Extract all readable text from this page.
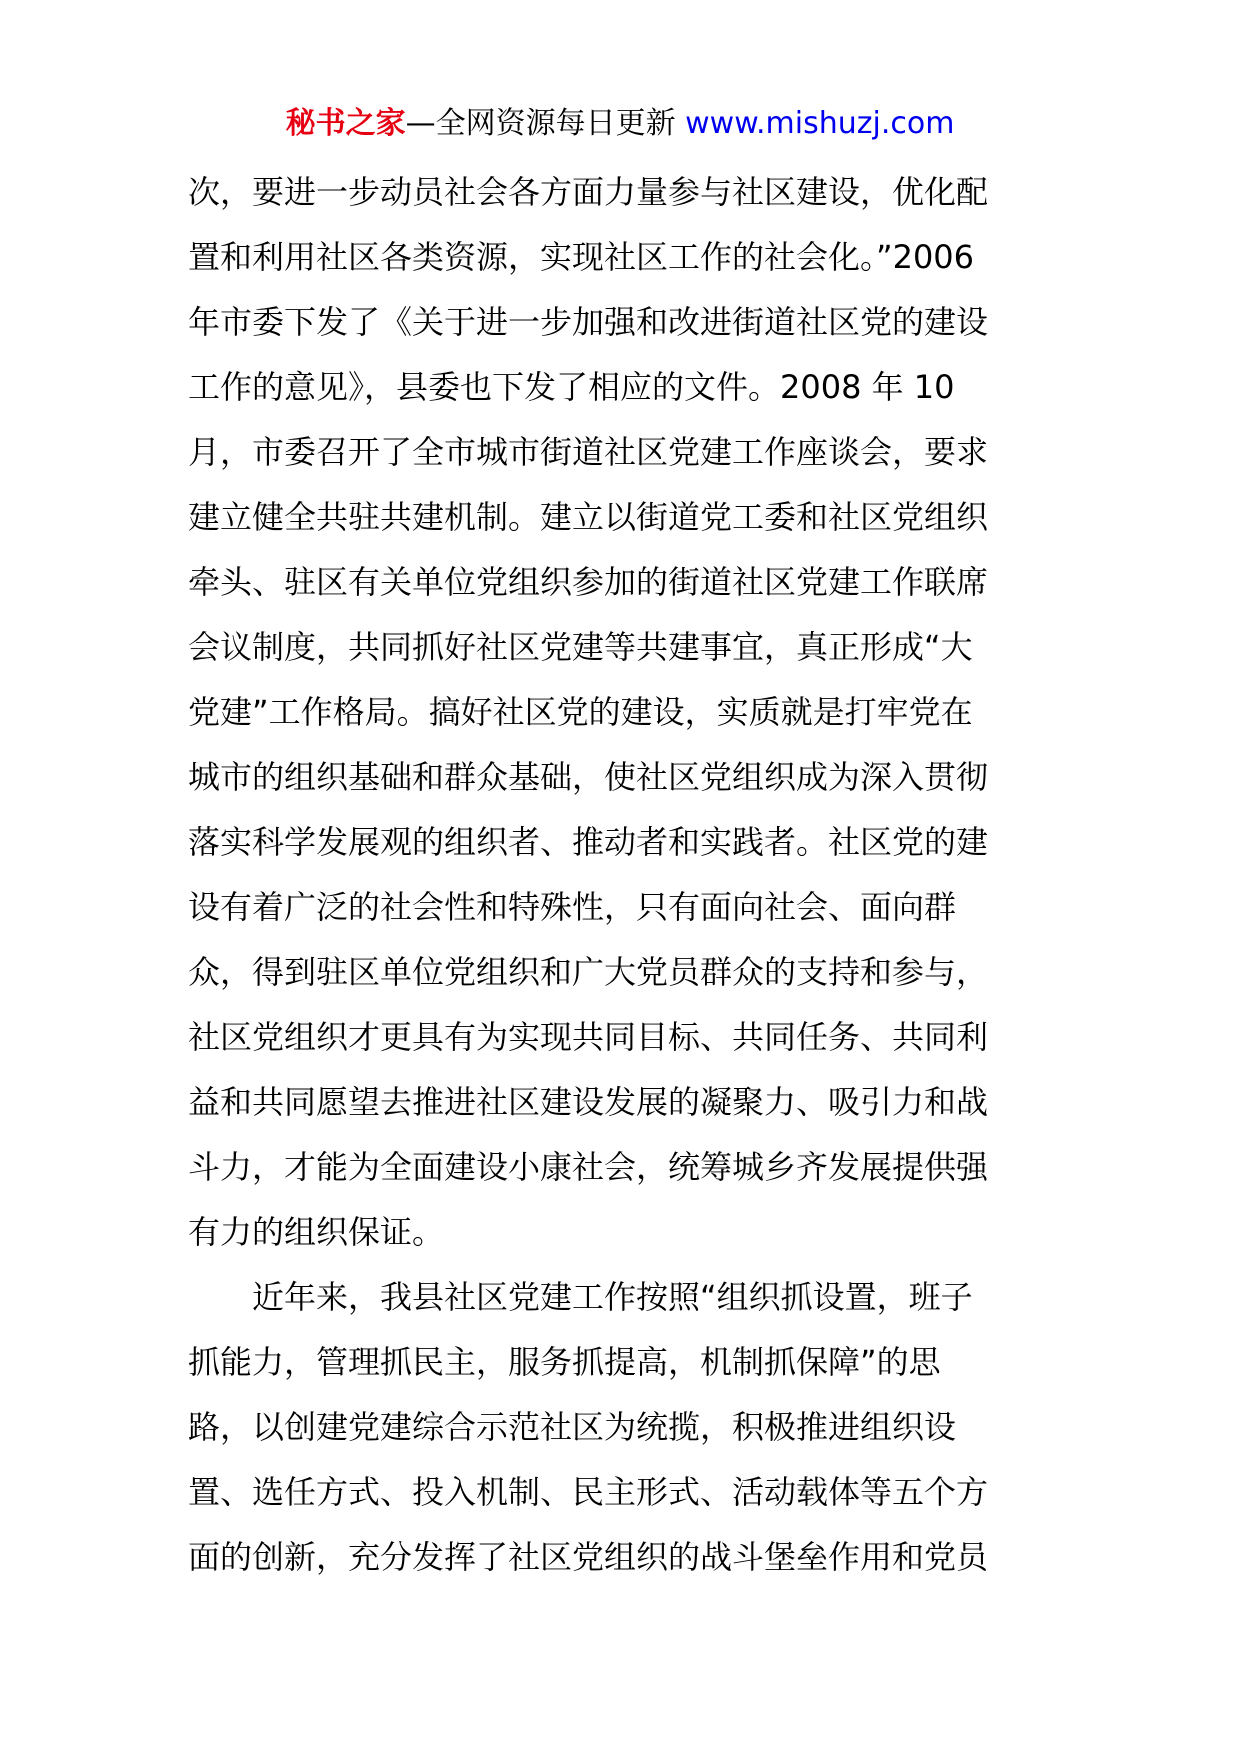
秘书之家—全网资源每日更新 www.mishuzj.com
次，要进一步动员社会各方面力量参与社区建设，优化配
置和利用社区各类资源，实现社区工作的社会化。”2006
年市委下发了《关于进一步加强和改进街道社区党的建设
工作的意见》，县委也下发了相应的文件。2008 年 10
月，市委召开了全市城市街道社区党建工作座谈会，要求
建立健全共驻共建机制。建立以街道党工委和社区党组织
牵头、驻区有关单位党组织参加的街道社区党建工作联席
会议制度，共同抓好社区党建等共建事宜，真正形成“大
党建”工作格局。搞好社区党的建设，实质就是打牢党在
城市的组织基础和群众基础，使社区党组织成为深入贯彻
落实科学发展观的组织者、推动者和实践者。社区党的建
设有着广泛的社会性和特殊性，只有面向社会、面向群
众，得到驻区单位党组织和广大党员群众的支持和参与，
社区党组织才更具有为实现共同目标、共同任务、共同利
益和共同愿望去推进社区建设发展的凝聚力、吸引力和战
斗力，才能为全面建设小康社会，统筹城乡齐发展提供强
有力的组织保证。
　　近年来，我县社区党建工作按照“组织抓设置，班子
抓能力，管理抓民主，服务抓提高，机制抓保障”的思
路，以创建党建综合示范社区为统揽，积极推进组织设
置、选任方式、投入机制、民主形式、活动载体等五个方
面的创新，充分发挥了社区党组织的战斗堡垒作用和党员
